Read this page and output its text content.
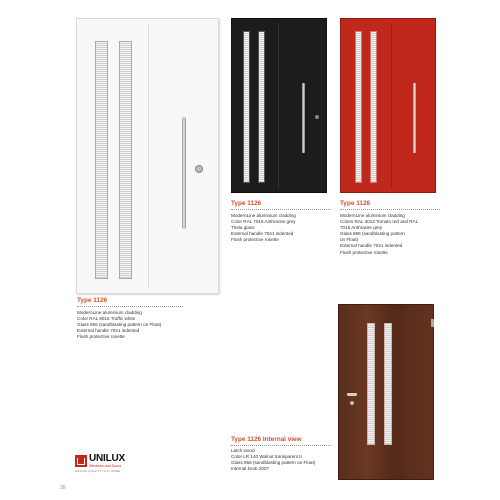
Type 1126
ModernLine aluminium cladding
Color RAL 9016 Traffic white
Glass 856 (sandblasting pattern on Float)
External handle 7041 indented
Flush protective rosette
Type 1126
ModernLine aluminium cladding
Color RAL 7016 Anthracite grey
Thela glass
External handle 7041 indented
Flush protective rosette
Type 1126
ModernLine aluminium cladding
Colors RAL 3013 Tomato red and RAL
7016 Anthracite grey
Glass 856 (sandblasting pattern
on Float)
External handle 7041 indented
Flush protective rosette
Type 1126 Internal view
Latch wood
Color LR 140 Walnut transparent II
Glass 856 (sandblasting pattern on Float)
Internal knob 2007
UNILUX
Windows and Doors
MAKING QUALITY IS AT HOME
26
